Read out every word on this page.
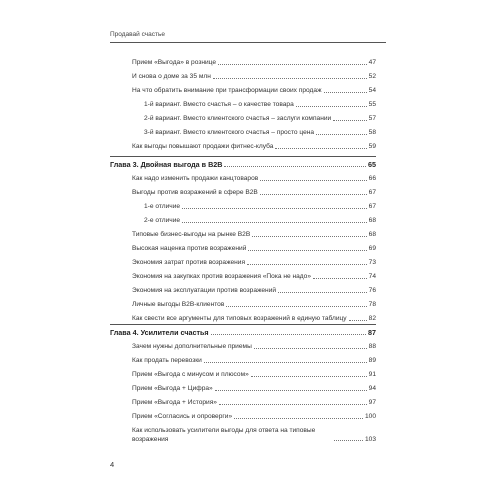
Продавай счастье
Прием «Выгода» в рознице	47
И снова о доме за 35 млн	52
На что обратить внимание при трансформации своих продаж	54
1-й вариант. Вместо счастья – о качестве товара	55
2-й вариант. Вместо клиентского счастья – заслуги компании	57
3-й вариант. Вместо клиентского счастья – просто цена	58
Как выгоды повышают продажи фитнес-клуба	59
Глава 3. Двойная выгода в B2B	65
Как надо изменить продажи канцтоваров	66
Выгоды против возражений в сфере B2B	67
1-е отличие	67
2-е отличие	68
Типовые бизнес-выгоды на рынке B2B	68
Высокая наценка против возражений	69
Экономия затрат против возражения	73
Экономия на закупках против возражения «Пока не надо»	74
Экономия на эксплуатации против возражений	76
Личные выгоды B2B-клиентов	78
Как свести все аргументы для типовых возражений в единую таблицу	82
Глава 4. Усилители счастья	87
Зачем нужны дополнительные приемы	88
Как продать перевозки	89
Прием «Выгода с минусом и плюсом»	91
Прием «Выгода + Цифра»	94
Прием «Выгода + История»	97
Прием «Согласись и опроверги»	100
Как использовать усилители выгоды для ответа на типовые возражения	103
4
